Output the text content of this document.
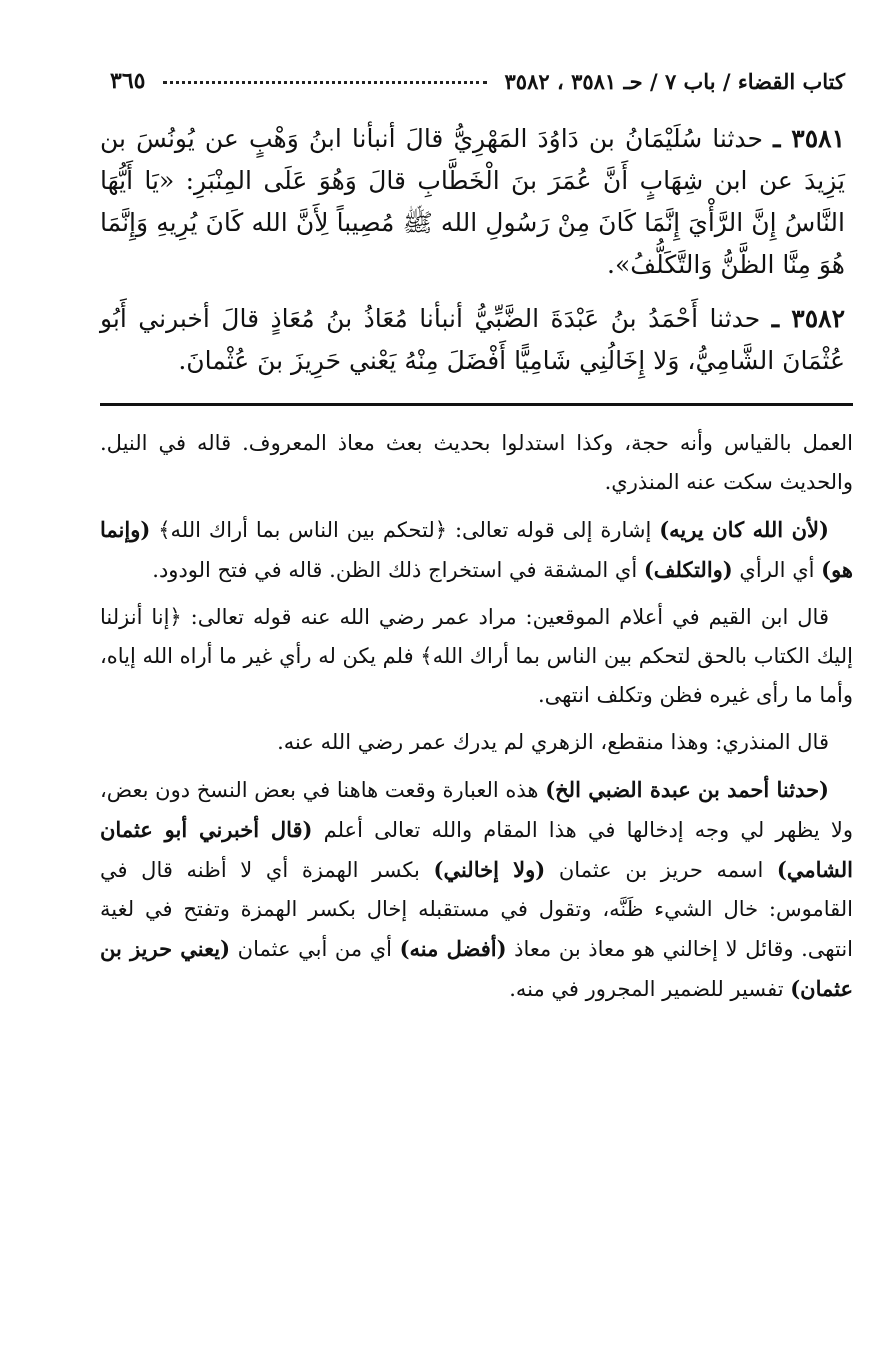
كتاب القضاء / باب ٧ / حـ ٣٥٨١ ، ٣٥٨٢
٣٦٥

٣٥٨١ ـ حدثنا سُلَيْمَانُ بن دَاوُدَ المَهْرِيُّ قالَ أنبأنا ابنُ وَهْبٍ عن يُونُسَ بن يَزِيدَ عن ابن شِهَابٍ أَنَّ عُمَرَ بنَ الْخَطَّابِ قالَ وَهُوَ عَلَى المِنْبَرِ: «يَا أَيُّهَا النَّاسُ إِنَّ الرَّأْيَ إِنَّمَا كَانَ مِنْ رَسُولِ الله ﷺ مُصِيباً لِأَنَّ الله كَانَ يُرِيهِ وَإِنَّمَا هُوَ مِنَّا الظَّنُّ وَالتَّكَلُّفُ».

٣٥٨٢ ـ حدثنا أَحْمَدُ بنُ عَبْدَةَ الضَّبِّيُّ أنبأنا مُعَاذُ بنُ مُعَاذٍ قالَ أخبرني أَبُو عُثْمَانَ الشَّامِيُّ، وَلا إِخَالُنِي شَامِيًّا أَفْضَلَ مِنْهُ يَعْني حَرِيزَ بنَ عُثْمانَ.

العمل بالقياس وأنه حجة، وكذا استدلوا بحديث بعث معاذ المعروف. قاله في النيل. والحديث سكت عنه المنذري.

(لأن الله كان يريه) إشارة إلى قوله تعالى: ﴿لتحكم بين الناس بما أراك الله﴾ (وإنما هو) أي الرأي (والتكلف) أي المشقة في استخراج ذلك الظن. قاله في فتح الودود.

قال ابن القيم في أعلام الموقعين: مراد عمر رضي الله عنه قوله تعالى: ﴿إنا أنزلنا إليك الكتاب بالحق لتحكم بين الناس بما أراك الله﴾ فلم يكن له رأي غير ما أراه الله إياه، وأما ما رأى غيره فظن وتكلف انتهى.

قال المنذري: وهذا منقطع، الزهري لم يدرك عمر رضي الله عنه.

(حدثنا أحمد بن عبدة الضبي الخ) هذه العبارة وقعت هاهنا في بعض النسخ دون بعض، ولا يظهر لي وجه إدخالها في هذا المقام والله تعالى أعلم (قال أخبرني أبو عثمان الشامي) اسمه حريز بن عثمان (ولا إخالني) بكسر الهمزة أي لا أظنه قال في القاموس: خال الشيء ظَنَّه، وتقول في مستقبله إخال بكسر الهمزة وتفتح في لغية انتهى. وقائل لا إخالني هو معاذ بن معاذ (أفضل منه) أي من أبي عثمان (يعني حريز بن عثمان) تفسير للضمير المجرور في منه.
